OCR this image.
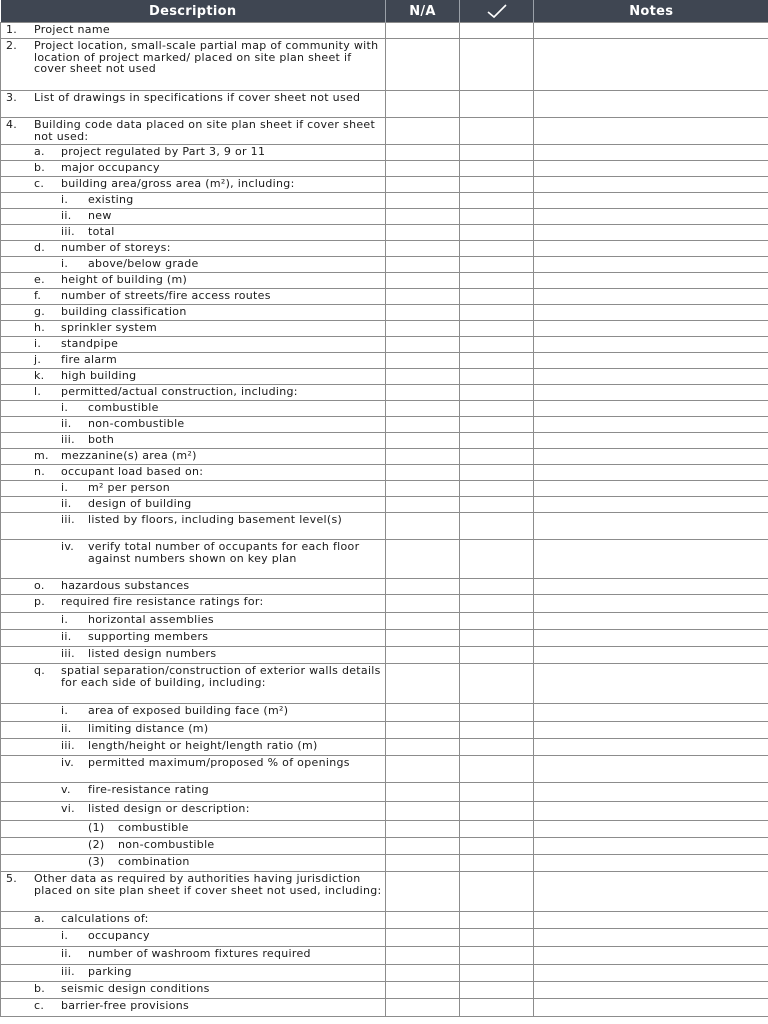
Description	N/A		Notes

1. Project name			

2. Project location, small-scale partial map of community with location of project marked/ placed on site plan sheet if cover sheet not used			

3. List of drawings in specifications if cover sheet not used			

4. Building code data placed on site plan sheet if cover sheet not used:			

a. project regulated by Part 3, 9 or 11			

b. major occupancy			

c. building area/gross area (m²), including:			

i. existing			

ii. new			

iii. total			

d. number of storeys:			

i. above/below grade			

e. height of building (m)			

f. number of streets/fire access routes			

g. building classification			

h. sprinkler system			

i. standpipe			

j. fire alarm			

k. high building			

l. permitted/actual construction, including:			

i. combustible			

ii. non-combustible			

iii. both			

m. mezzanine(s) area (m²)			

n. occupant load based on:			

i. m² per person			

ii. design of building			

iii. listed by floors, including basement level(s)			

iv. verify total number of occupants for each floor against numbers shown on key plan			

o. hazardous substances			

p. required fire resistance ratings for:			

i. horizontal assemblies			

ii. supporting members			

iii. listed design numbers			

q. spatial separation/construction of exterior walls details for each side of building, including:			

i. area of exposed building face (m²)			

ii. limiting distance (m)			

iii. length/height or height/length ratio (m)			

iv. permitted maximum/proposed % of openings			

v. fire-resistance rating			

vi. listed design or description:			

(1) combustible			

(2) non-combustible			

(3) combination			

5. Other data as required by authorities having jurisdiction placed on site plan sheet if cover sheet not used, including:			

a. calculations of:			

i. occupancy			

ii. number of washroom fixtures required			

iii. parking			

b. seismic design conditions			

c. barrier-free provisions			
